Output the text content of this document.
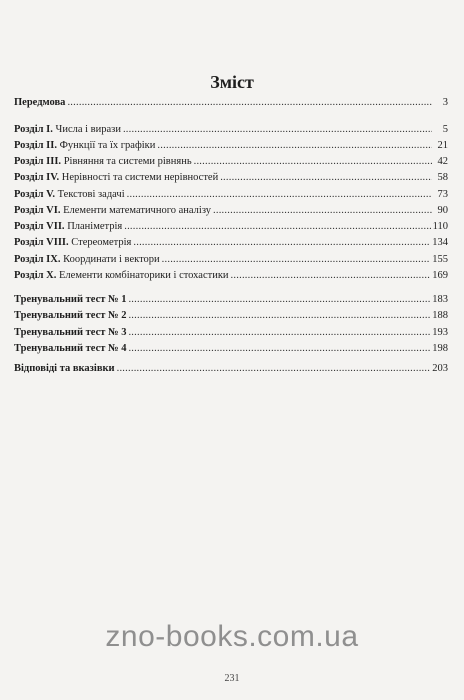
Зміст
Передмова . . .	3
Розділ І. Числа і вирази . . .	5
Розділ ІІ. Функції та їх графіки . . .	21
Розділ ІІІ. Рівняння та системи рівнянь . . .	42
Розділ IV. Нерівності та системи нерівностей . . .	58
Розділ V. Текстові задачі . . .	73
Розділ VI. Елементи математичного аналізу . . .	90
Розділ VII. Планіметрія . . .	110
Розділ VIII. Стереометрія . . .	134
Розділ IX. Координати і вектори . . .	155
Розділ X. Елементи комбінаторики і стохастики . . .	169
Тренувальний тест № 1 . . .	183
Тренувальний тест № 2 . . .	188
Тренувальний тест № 3 . . .	193
Тренувальний тест № 4 . . .	198
Відповіді та вказівки . . .	203
zno-books.com.ua
231
